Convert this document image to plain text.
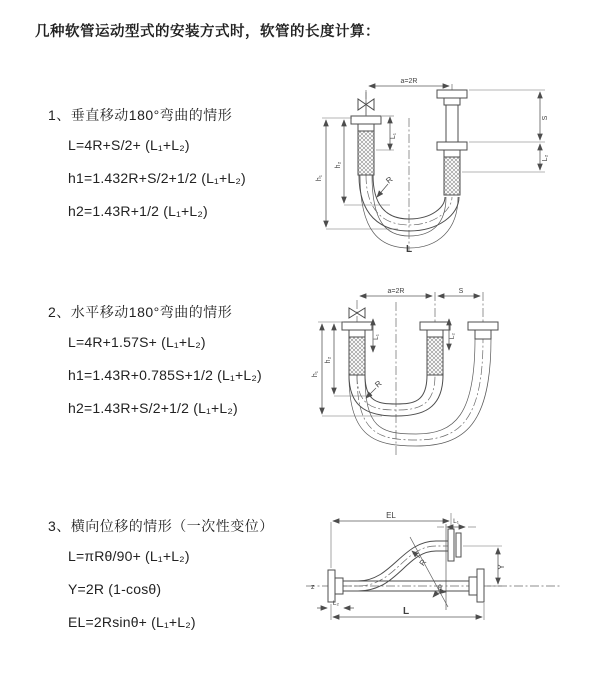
几种软管运动型式的安装方式时，软管的长度计算：
1、垂直移动180°弯曲的情形
L=4R+S/2+ (L₁+L₂)
h1=1.432R+S/2+1/2 (L₁+L₂)
h2=1.43R+1/2 (L₁+L₂)
a=2R
L₁
S
L₂
h₂
h₁	R
L
2、水平移动180°弯曲的情形
L=4R+1.57S+ (L₁+L₂)
h1=1.43R+0.785S+1/2 (L₁+L₂)
h2=1.43R+S/2+1/2 (L₁+L₂)
a=2R	S
L₁	L₂
h₂
h₁
R
3、横向位移的情形（一次性变位）
L=πRθ/90+ (L₁+L₂)
Y=2R (1-cosθ)
EL=2Rsinθ+ (L₁+L₂)
z	θ
EL
L₁
Y
L
L₂
R
